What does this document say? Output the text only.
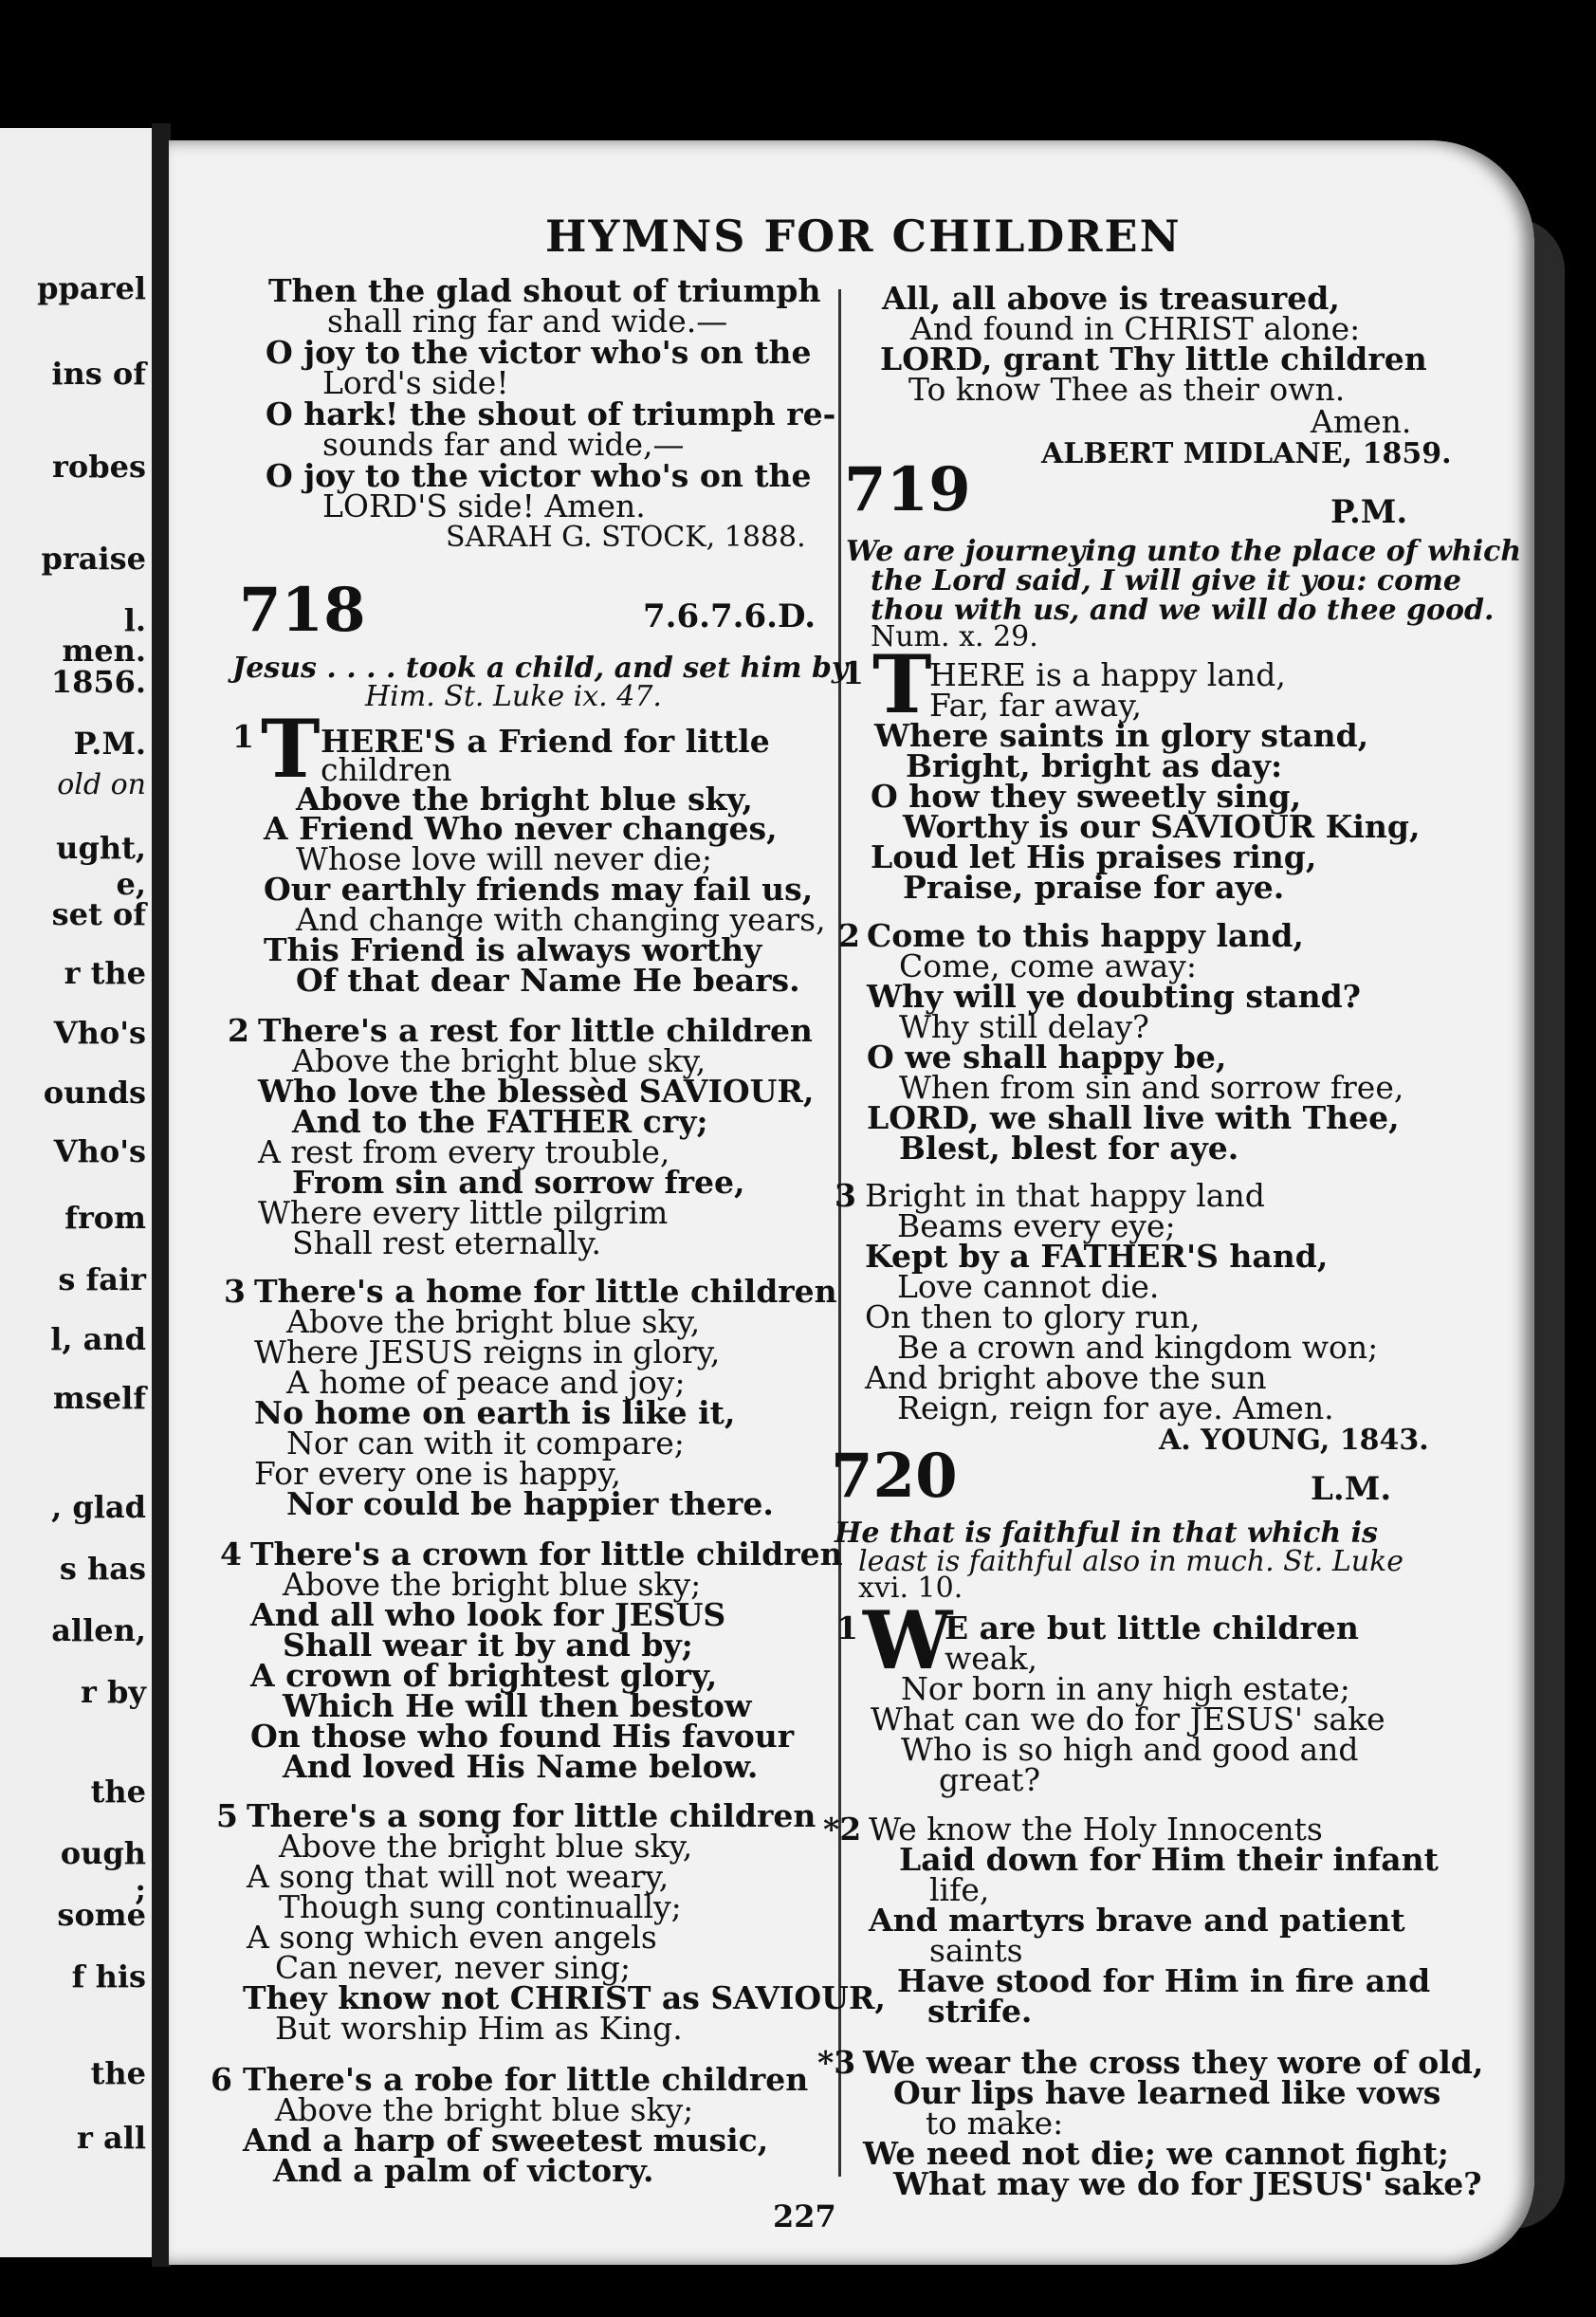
pparel
ins of
robes
praise
l.
men.
1856.
P.M.
old on
ught,
e,
set of
r the
Vho's
ounds
Vho's
from
s fair
l, and
mself
, glad
s has
allen,
r by
the
ough
;
some
f his
the
r all
HYMNS FOR CHILDREN
Then the glad shout of triumph
shall ring far and wide.—
O joy to the victor who's on the
Lord's side!
O hark! the shout of triumph re-
sounds far and wide,—
O joy to the victor who's on the
LORD'S side! Amen.
SARAH G. STOCK, 1888.
718	7.6.7.6.D.
Jesus . . . . took a child, and set him by
Him. St. Luke ix. 47.
1 T HERE'S a Friend for little
children
Above the bright blue sky,
A Friend Who never changes,
Whose love will never die;
Our earthly friends may fail us,
And change with changing years,
This Friend is always worthy
Of that dear Name He bears.
2 There's a rest for little children
Above the bright blue sky,
Who love the blessèd SAVIOUR,
And to the FATHER cry;
A rest from every trouble,
From sin and sorrow free,
Where every little pilgrim
Shall rest eternally.
3 There's a home for little children
Above the bright blue sky,
Where JESUS reigns in glory,
A home of peace and joy;
No home on earth is like it,
Nor can with it compare;
For every one is happy,
Nor could be happier there.
4 There's a crown for little children
Above the bright blue sky;
And all who look for JESUS
Shall wear it by and by;
A crown of brightest glory,
Which He will then bestow
On those who found His favour
And loved His Name below.
5 There's a song for little children
Above the bright blue sky,
A song that will not weary,
Though sung continually;
A song which even angels
Can never, never sing;
They know not CHRIST as SAVIOUR,
But worship Him as King.
6 There's a robe for little children
Above the bright blue sky;
And a harp of sweetest music,
And a palm of victory.
All, all above is treasured,
And found in CHRIST alone:
LORD, grant Thy little children
To know Thee as their own.
Amen.
ALBERT MIDLANE, 1859.
719	P.M.
We are journeying unto the place of which
the Lord said, I will give it you: come
thou with us, and we will do thee good.
Num. x. 29.
1 T
HERE is a happy land,
Far, far away,
Where saints in glory stand,
Bright, bright as day:
O how they sweetly sing,
Worthy is our SAVIOUR King,
Loud let His praises ring,
Praise, praise for aye.
2 Come to this happy land,
Come, come away:
Why will ye doubting stand?
Why still delay?
O we shall happy be,
When from sin and sorrow free,
LORD, we shall live with Thee,
Blest, blest for aye.
3 Bright in that happy land
Beams every eye;
Kept by a FATHER'S hand,
Love cannot die.
On then to glory run,
Be a crown and kingdom won;
And bright above the sun
Reign, reign for aye. Amen.
A. YOUNG, 1843.
720	L.M.
He that is faithful in that which is
least is faithful also in much. St. Luke
xvi. 10.
1 W
E are but little children
weak,
Nor born in any high estate;
What can we do for JESUS' sake
Who is so high and good and
great?
*2 We know the Holy Innocents
Laid down for Him their infant
life,
And martyrs brave and patient
saints
Have stood for Him in fire and
strife.
*3 We wear the cross they wore of old,
Our lips have learned like vows
to make:
We need not die; we cannot fight;
What may we do for JESUS' sake?
227
